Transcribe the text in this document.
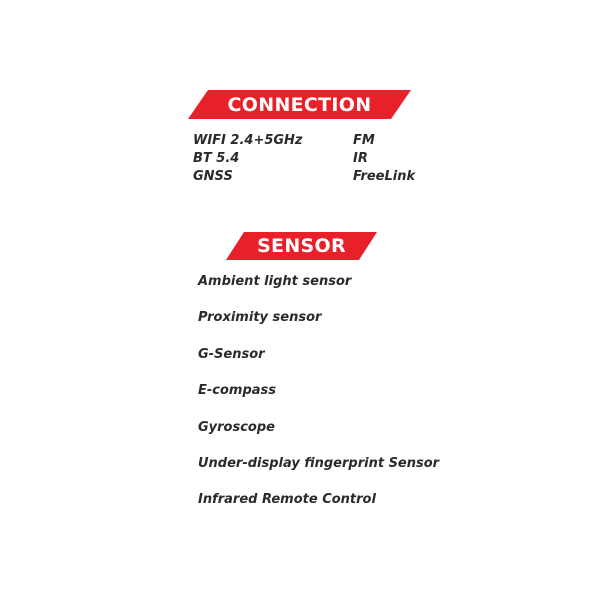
CONNECTION
WIFI 2.4+5GHz
BT 5.4
GNSS
FM
IR
FreeLink
SENSOR
Ambient light sensor
Proximity sensor
G-Sensor
E-compass
Gyroscope
Under-display fingerprint Sensor
Infrared Remote Control
